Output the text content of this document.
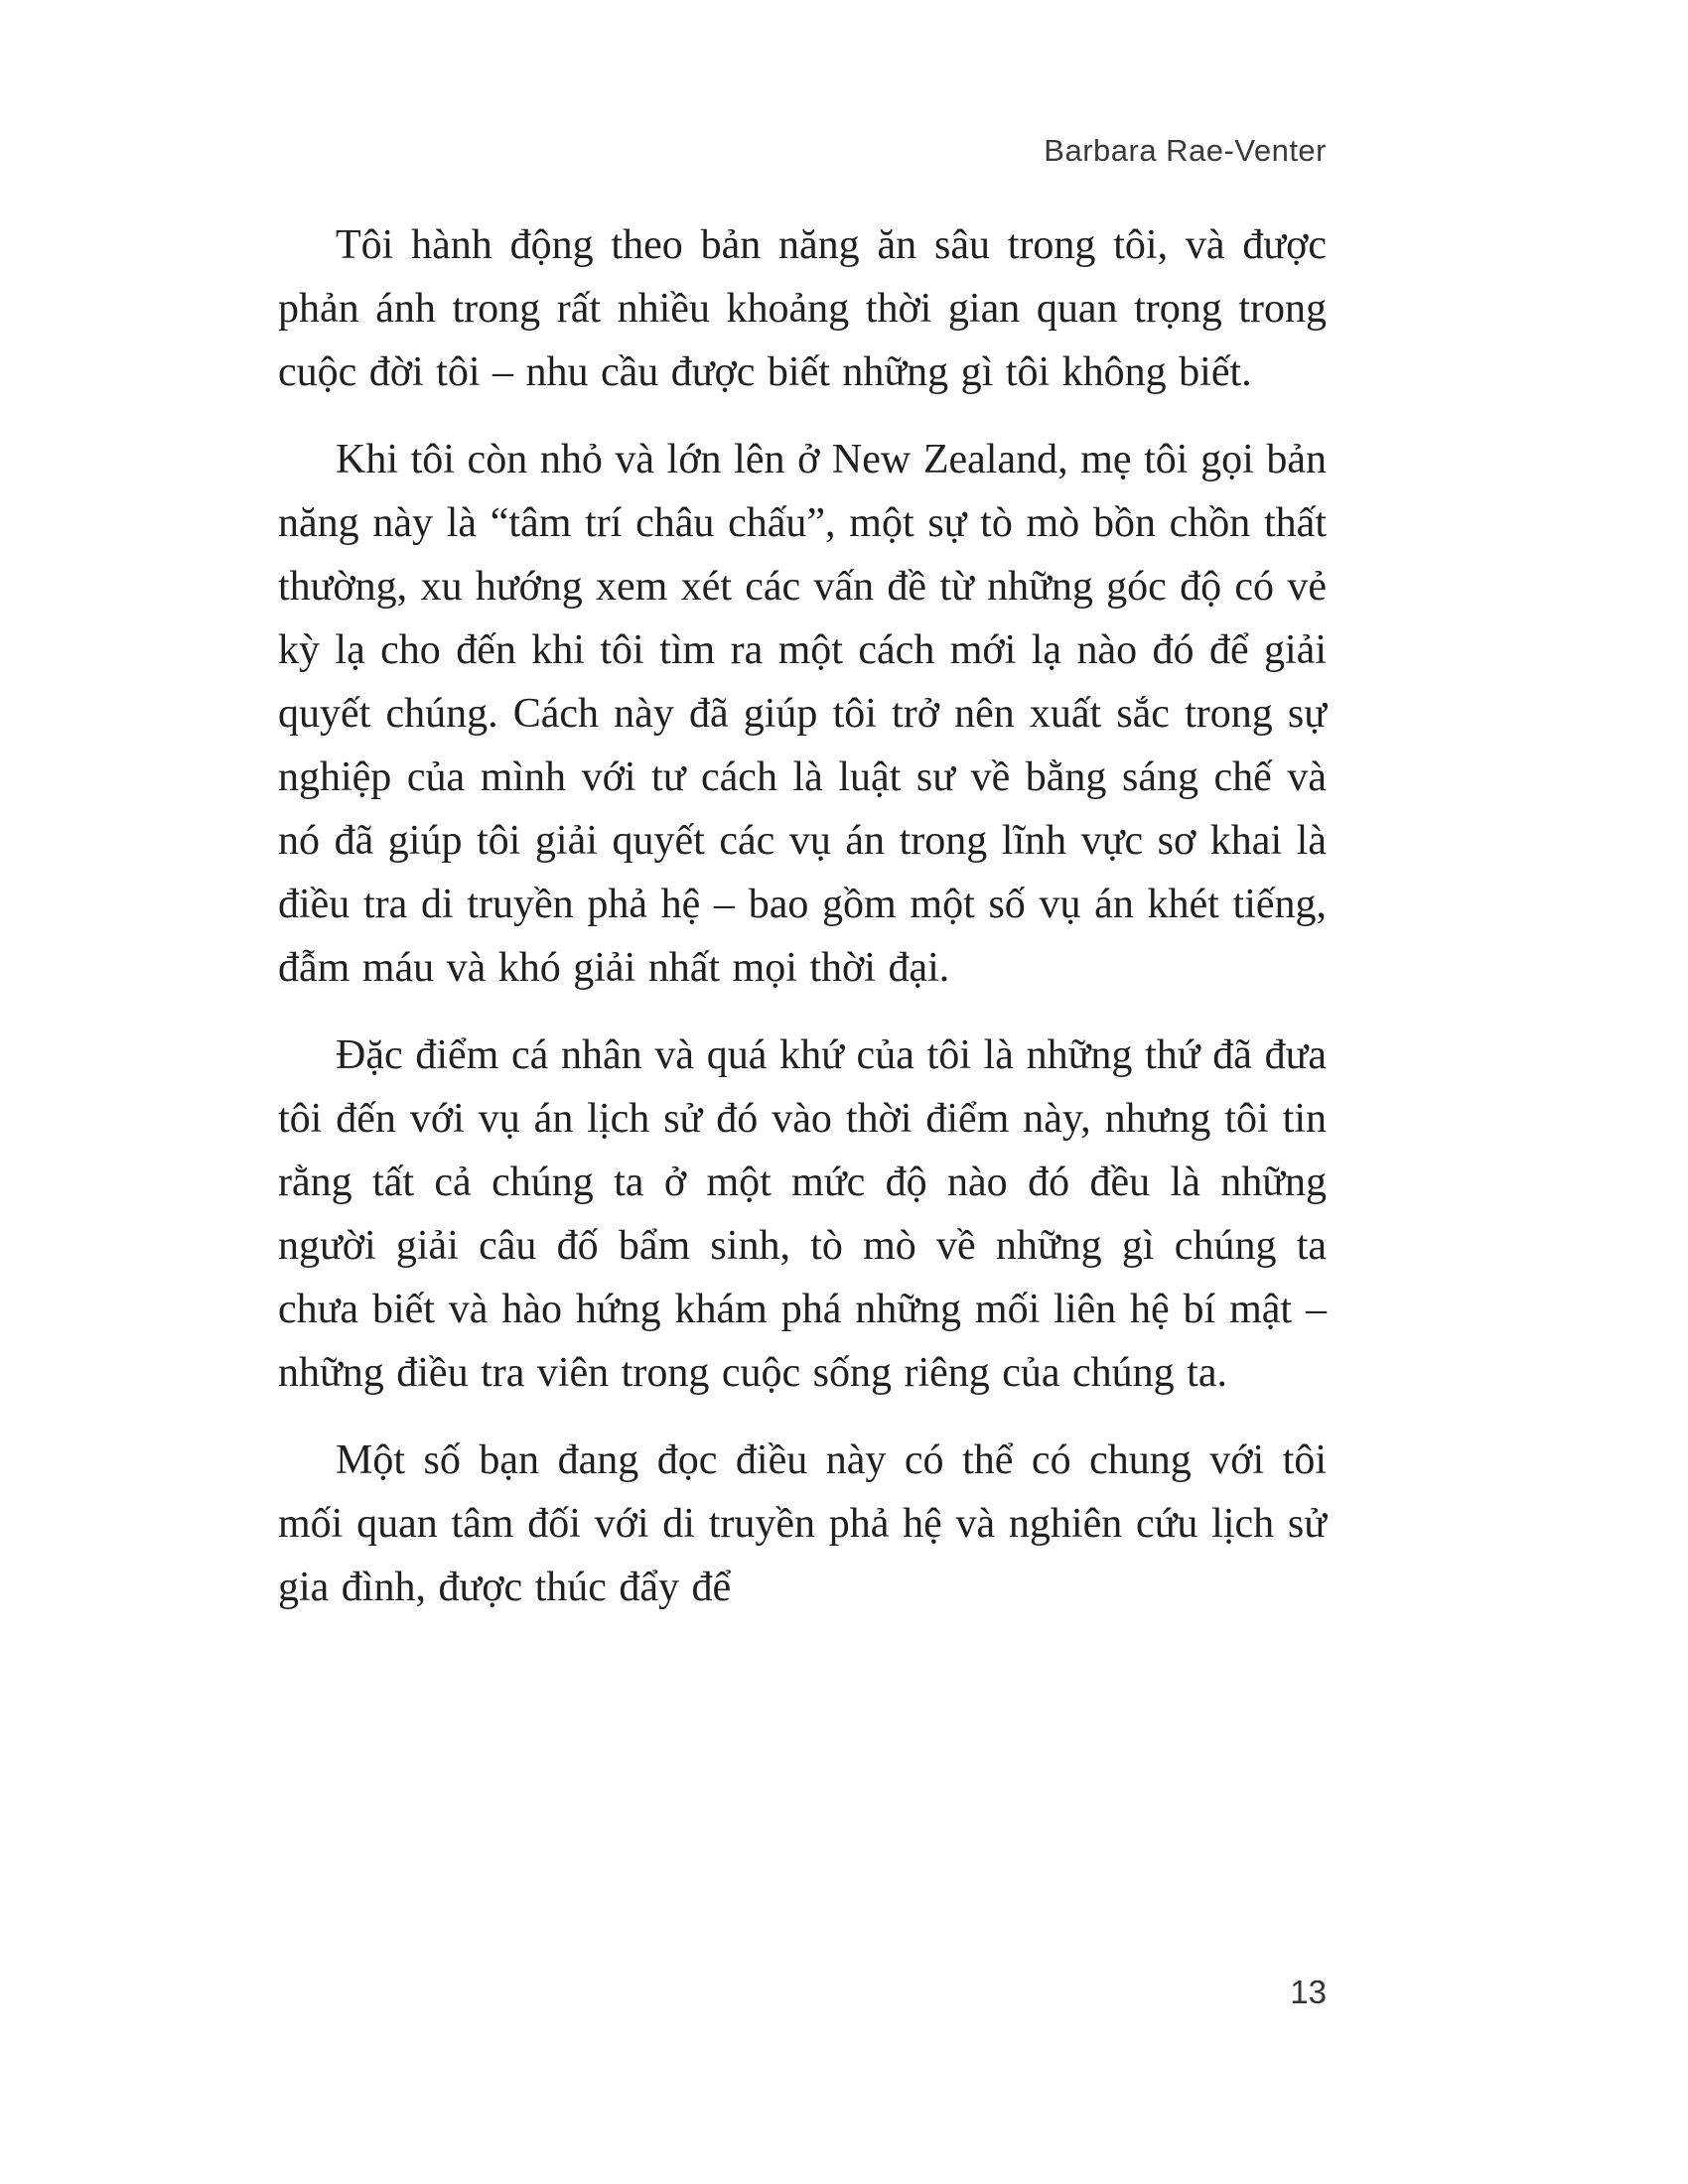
Barbara Rae-Venter

Tôi hành động theo bản năng ăn sâu trong tôi, và được phản ánh trong rất nhiều khoảng thời gian quan trọng trong cuộc đời tôi – nhu cầu được biết những gì tôi không biết.

Khi tôi còn nhỏ và lớn lên ở New Zealand, mẹ tôi gọi bản năng này là “tâm trí châu chấu”, một sự tò mò bồn chồn thất thường, xu hướng xem xét các vấn đề từ những góc độ có vẻ kỳ lạ cho đến khi tôi tìm ra một cách mới lạ nào đó để giải quyết chúng. Cách này đã giúp tôi trở nên xuất sắc trong sự nghiệp của mình với tư cách là luật sư về bằng sáng chế và nó đã giúp tôi giải quyết các vụ án trong lĩnh vực sơ khai là điều tra di truyền phả hệ – bao gồm một số vụ án khét tiếng, đẫm máu và khó giải nhất mọi thời đại.

Đặc điểm cá nhân và quá khứ của tôi là những thứ đã đưa tôi đến với vụ án lịch sử đó vào thời điểm này, nhưng tôi tin rằng tất cả chúng ta ở một mức độ nào đó đều là những người giải câu đố bẩm sinh, tò mò về những gì chúng ta chưa biết và hào hứng khám phá những mối liên hệ bí mật – những điều tra viên trong cuộc sống riêng của chúng ta.

Một số bạn đang đọc điều này có thể có chung với tôi mối quan tâm đối với di truyền phả hệ và nghiên cứu lịch sử gia đình, được thúc đẩy để

13
